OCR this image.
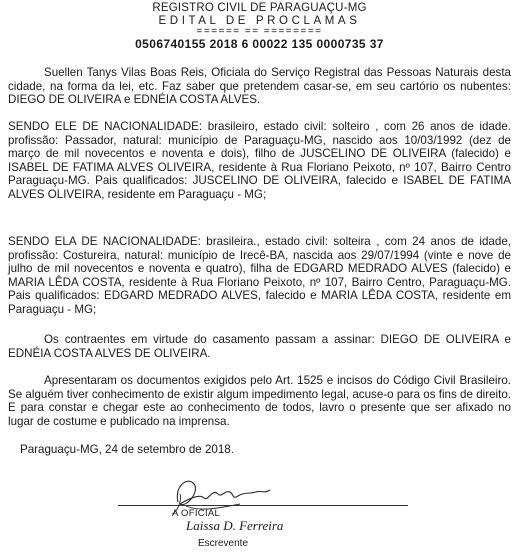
REGISTRO CIVIL DE PARAGUAÇU-MG
EDITAL DE PROCLAMAS
====== == ========
0506740155 2018 6 00022 135 0000735 37

Suellen Tanys Vilas Boas Reis, Oficiala do Serviço Registral das Pessoas Naturais desta cidade, na forma da lei, etc. Faz saber que pretendem casar-se, em seu cartório os nubentes: DIEGO DE OLIVEIRA e EDNÉIA COSTA ALVES.

SENDO ELE DE NACIONALIDADE: brasileiro, estado civil: solteiro , com 26 anos de idade. profissão: Passador, natural: município de Paraguaçu-MG, nascido aos 10/03/1992 (dez de março de mil novecentos e noventa e dois), filho de JUSCELINO DE OLIVEIRA (falecido) e ISABEL DE FATIMA ALVES OLIVEIRA, residente à Rua Floriano Peixoto, nº 107, Bairro Centro Paraguaçu-MG. Pais qualificados: JUSCELINO DE OLIVEIRA, falecido e ISABEL DE FATIMA ALVES OLIVEIRA, residente em Paraguaçu - MG;

SENDO ELA DE NACIONALIDADE: brasileira., estado civil: solteira , com 24 anos de idade, profissão: Costureira, natural: município de Irecê-BA, nascida aos 29/07/1994 (vinte e nove de julho de mil novecentos e noventa e quatro), filha de EDGARD MEDRADO ALVES (falecido) e MARIA LÊDA COSTA, residente à Rua Floriano Peixoto, nº 107, Bairro Centro, Paraguaçu-MG. Pais qualificados: EDGARD MEDRADO ALVES, falecido e MARIA LÊDA COSTA, residente em Paraguaçu - MG;

Os contraentes em virtude do casamento passam a assinar: DIEGO DE OLIVEIRA e EDNÉIA COSTA ALVES DE OLIVEIRA.

Apresentaram os documentos exigidos pelo Art. 1525 e incisos do Código Civil Brasileiro. Se alguém tiver conhecimento de existir algum impedimento legal, acuse-o para os fins de direito. E para constar e chegar este ao conhecimento de todos, lavro o presente que ser afixado no lugar de costume e publicado na imprensa.

Paraguaçu-MG, 24 de setembro de 2018.
A OFICIAL
Laissa D. Ferreira
Escrevente
